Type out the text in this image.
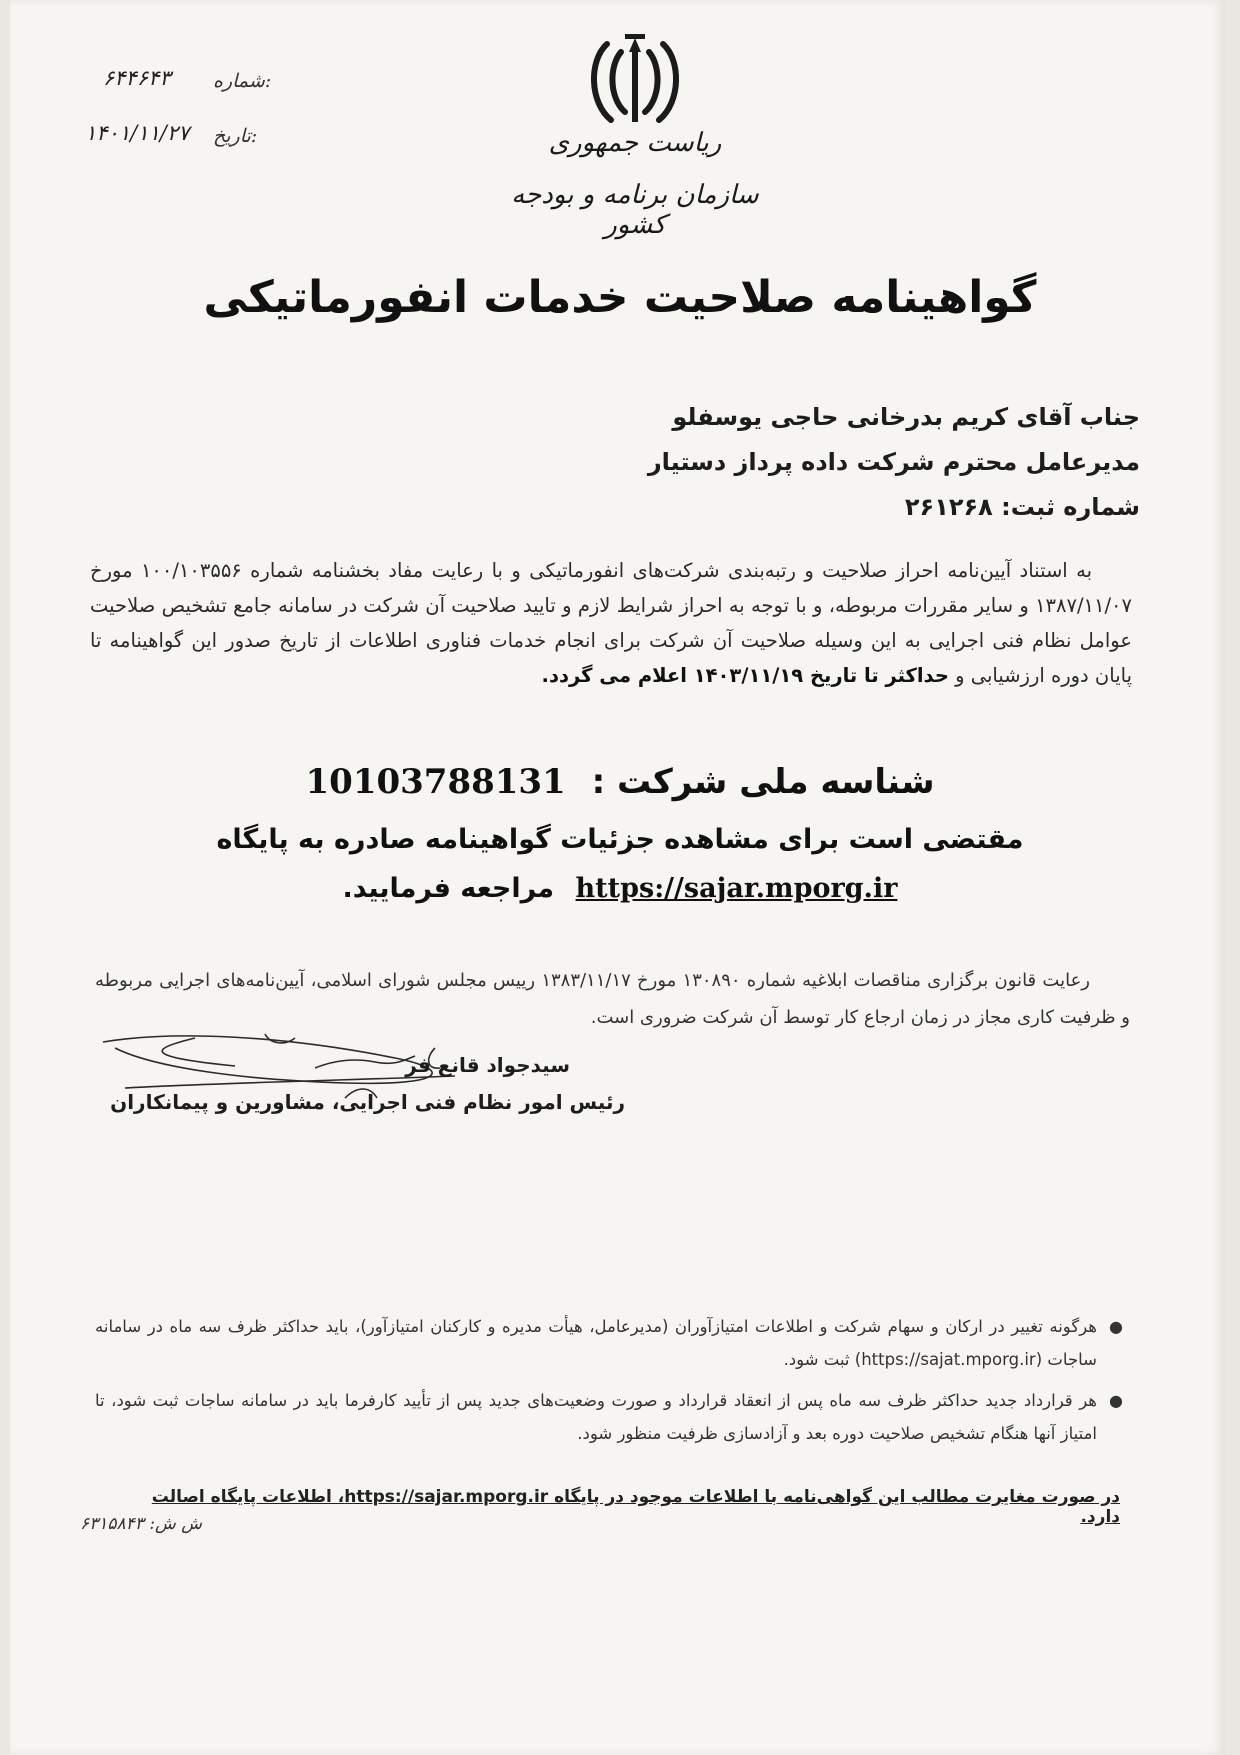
شماره:
۶۴۴۶۴۳
تاریخ:
۱۴۰۱/۱۱/۲۷	ریاست جمهوری
سازمان برنامه و بودجه کشور
گواهینامه صلاحیت خدمات انفورماتیکی
جناب آقای کریم بدرخانی حاجی یوسفلو
مدیرعامل محترم شرکت داده پرداز دستیار
شماره ثبت: ۲۶۱۲۶۸
به استناد آیین‌نامه احراز صلاحیت و رتبه‌بندی شرکت‌های انفورماتیکی و با رعایت مفاد بخشنامه شماره ۱۰۰/۱۰۳۵۵۶ مورخ ۱۳۸۷/۱۱/۰۷ و سایر مقررات مربوطه، و با توجه به احراز شرایط لازم و تایید صلاحیت آن شرکت در سامانه جامع تشخیص صلاحیت عوامل نظام فنی اجرایی به این وسیله صلاحیت آن شرکت برای انجام خدمات فناوری اطلاعات از تاریخ صدور این گواهینامه تا پایان دوره ارزشیابی و حداکثر تا تاریخ ۱۴۰۳/۱۱/۱۹ اعلام می گردد.
شناسه ملی شرکت : 10103788131
مقتضی است برای مشاهده جزئیات گواهینامه صادره به پایگاه
https://sajar.mporg.ir مراجعه فرمایید.
رعایت قانون برگزاری مناقصات ابلاغیه شماره ۱۳۰۸۹۰ مورخ ۱۳۸۳/۱۱/۱۷ رییس مجلس شورای اسلامی، آیین‌نامه‌های اجرایی مربوطه و ظرفیت کاری مجاز در زمان ارجاع کار توسط آن شرکت ضروری است.
سیدجواد قانع فر
رئیس امور نظام فنی اجرایی، مشاورین و پیمانکاران
●
هرگونه تغییر در ارکان و سهام شرکت و اطلاعات امتیازآوران (مدیرعامل، هیأت مدیره و کارکنان امتیازآور)، باید حداکثر ظرف سه ماه در سامانه ساجات (https://sajat.mporg.ir) ثبت شود.
●
هر قرارداد جدید حداکثر ظرف سه ماه پس از انعقاد قرارداد و صورت وضعیت‌های جدید پس از تأیید کارفرما باید در سامانه ساجات ثبت شود، تا امتیاز آنها هنگام تشخیص صلاحیت دوره بعد و آزادسازی ظرفیت منظور شود.
در صورت مغایرت مطالب این گواهی‌نامه با اطلاعات موجود در پایگاه https://sajar.mporg.ir، اطلاعات پایگاه اصالت دارد.
ش ش: ۶۳۱۵۸۴۳
